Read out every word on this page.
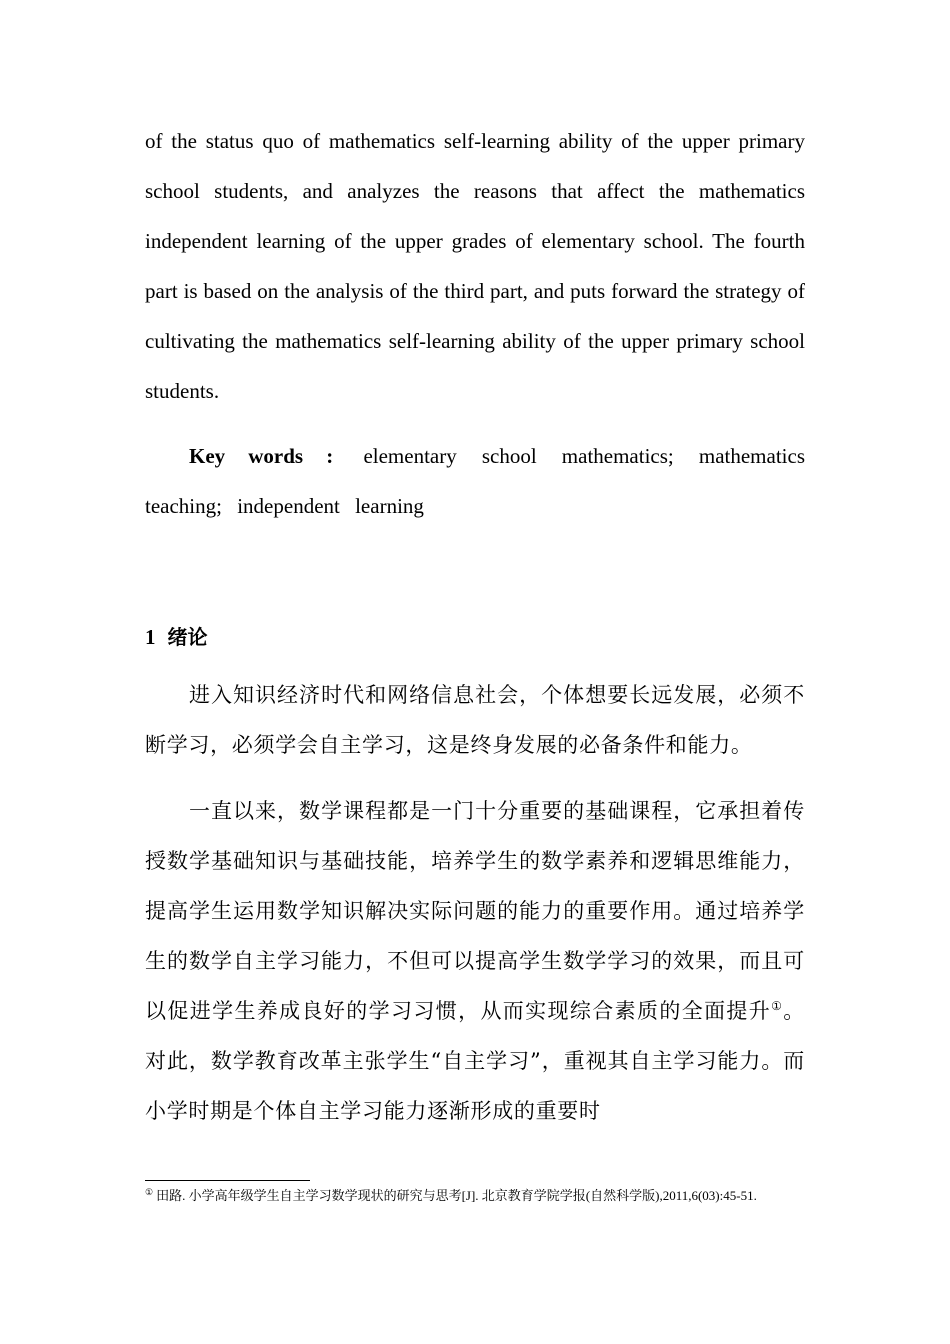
of the status quo of mathematics self-learning ability of the upper primary school students, and analyzes the reasons that affect the mathematics independent learning of the upper grades of elementary school. The fourth part is based on the analysis of the third part, and puts forward the strategy of cultivating the mathematics self-learning ability of the upper primary school students.

Key words : elementary school mathematics; mathematics teaching; independent learning

1 绪论

进入知识经济时代和网络信息社会，个体想要长远发展，必须不断学习，必须学会自主学习，这是终身发展的必备条件和能力。

一直以来，数学课程都是一门十分重要的基础课程，它承担着传授数学基础知识与基础技能，培养学生的数学素养和逻辑思维能力，提高学生运用数学知识解决实际问题的能力的重要作用。通过培养学生的数学自主学习能力，不但可以提高学生数学学习的效果，而且可以促进学生养成良好的学习习惯，从而实现综合素质的全面提升①。对此，数学教育改革主张学生“自主学习”，重视其自主学习能力。而小学时期是个体自主学习能力逐渐形成的重要时

① 田路. 小学高年级学生自主学习数学现状的研究与思考[J]. 北京教育学院学报(自然科学版),2011,6(03):45-51.
